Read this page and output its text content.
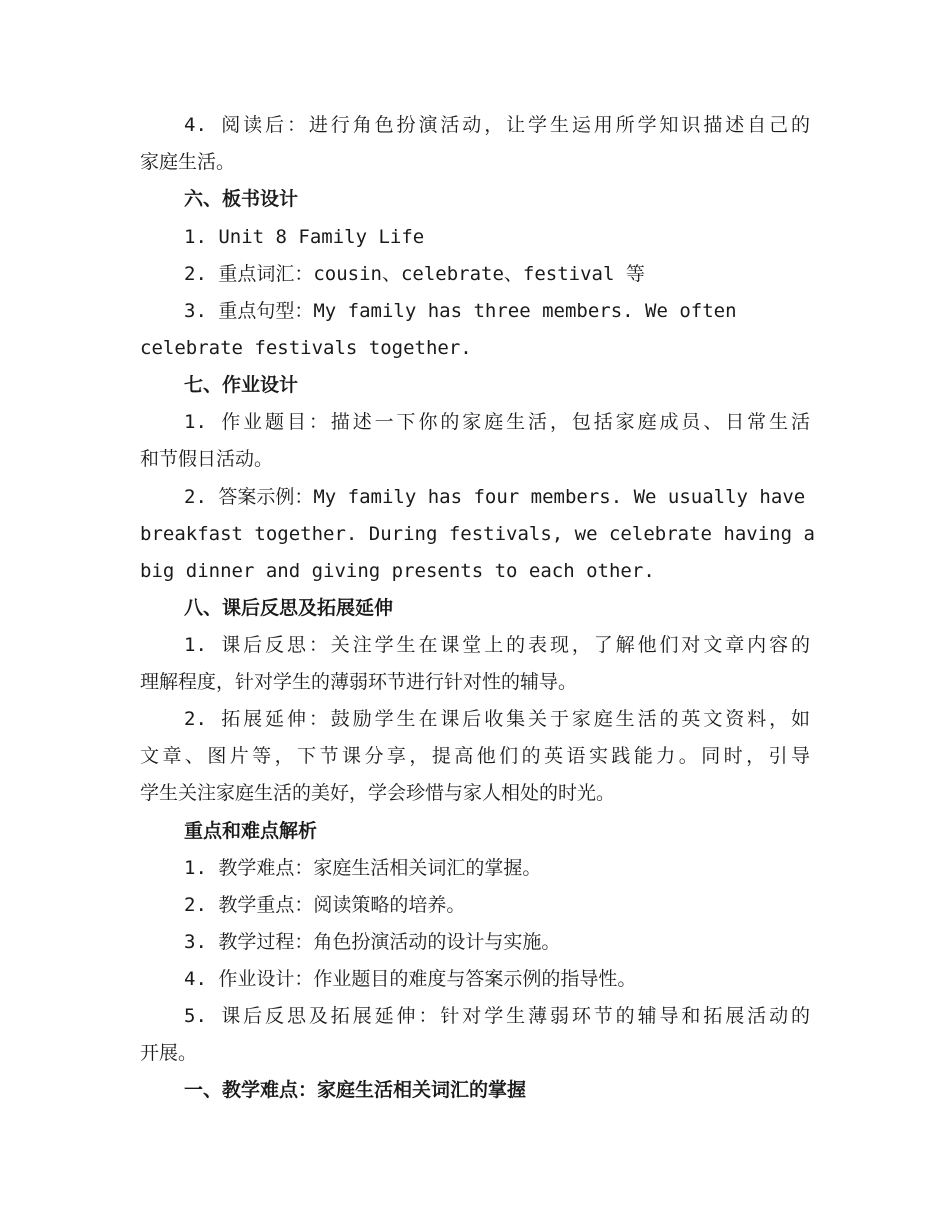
4. 阅读后：进行角色扮演活动，让学生运用所学知识描述自己的
家庭生活。
六、板书设计
1. Unit 8 Family Life
2. 重点词汇：cousin、celebrate、festival 等
3. 重点句型：My family has three members. We often
celebrate festivals together.
七、作业设计
1. 作业题目：描述一下你的家庭生活，包括家庭成员、日常生活
和节假日活动。
2. 答案示例：My family has four members. We usually have
breakfast together. During festivals, we celebrate having a
big dinner and giving presents to each other.
八、课后反思及拓展延伸
1. 课后反思：关注学生在课堂上的表现，了解他们对文章内容的
理解程度，针对学生的薄弱环节进行针对性的辅导。
2. 拓展延伸：鼓励学生在课后收集关于家庭生活的英文资料，如
文章、图片等，下节课分享，提高他们的英语实践能力。同时，引导
学生关注家庭生活的美好，学会珍惜与家人相处的时光。
重点和难点解析
1. 教学难点：家庭生活相关词汇的掌握。
2. 教学重点：阅读策略的培养。
3. 教学过程：角色扮演活动的设计与实施。
4. 作业设计：作业题目的难度与答案示例的指导性。
5. 课后反思及拓展延伸：针对学生薄弱环节的辅导和拓展活动的
开展。
一、教学难点：家庭生活相关词汇的掌握
